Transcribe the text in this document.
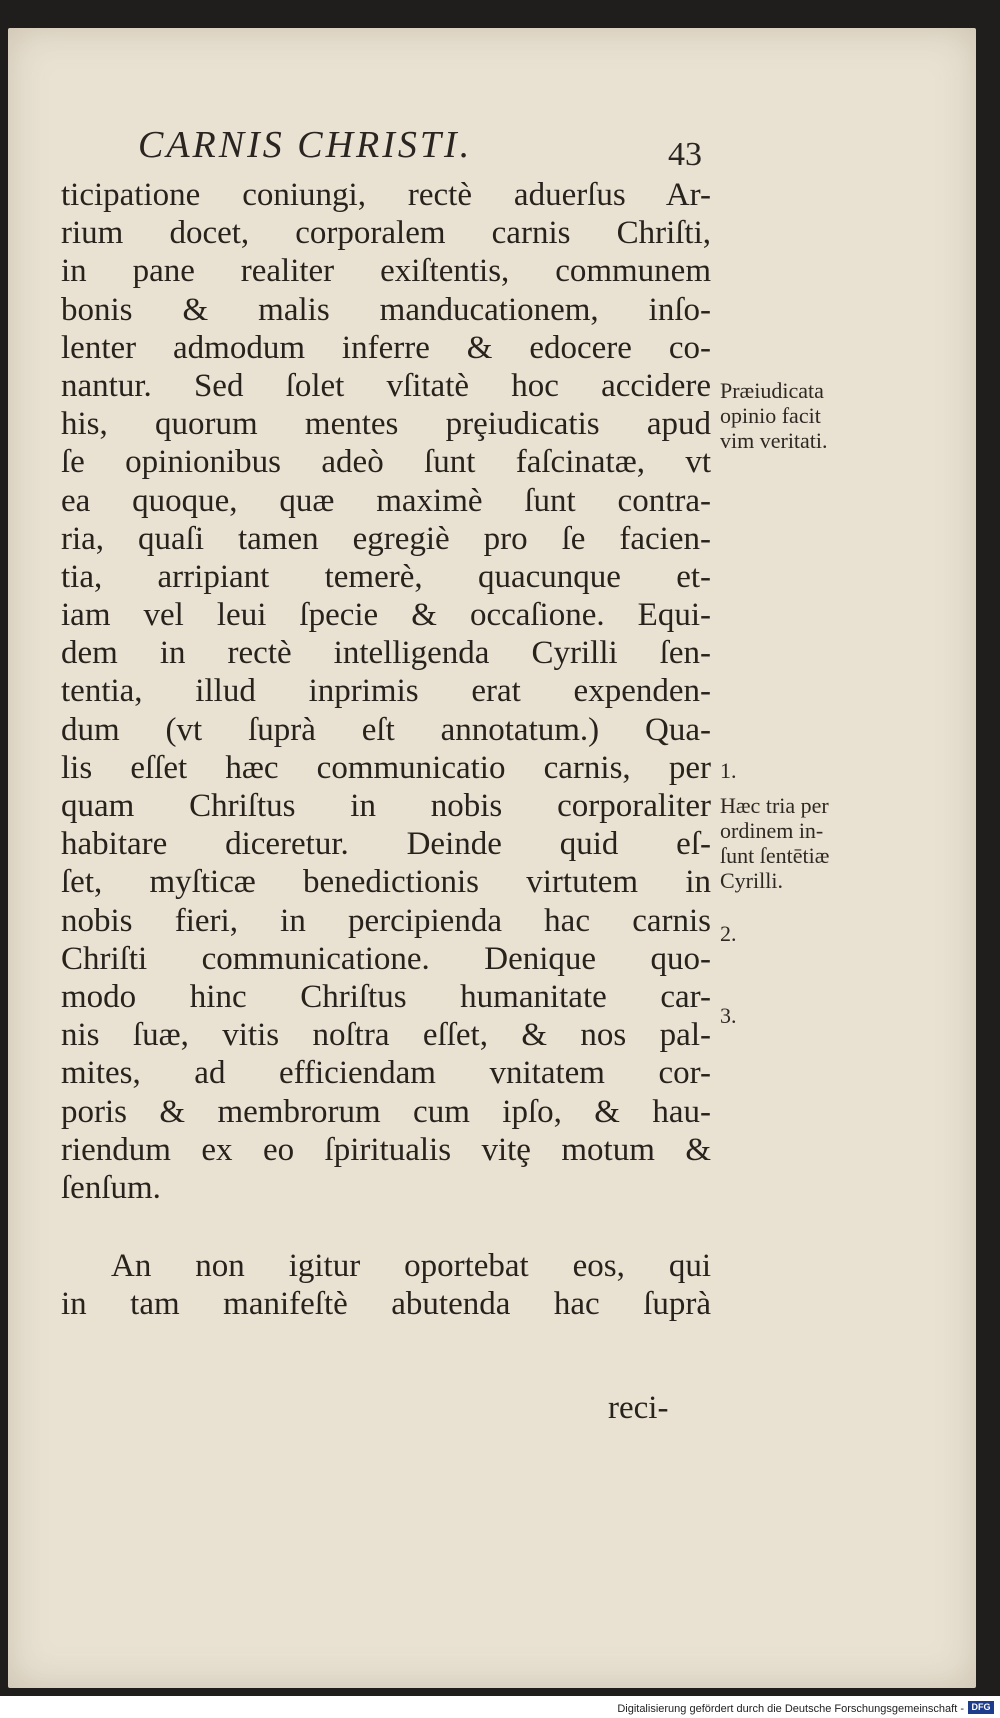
CARNIS CHRISTI.	43
ticipatione coniungi, rectè aduerſus Ar-
rium docet, corporalem carnis Chriſti,
in pane realiter exiſtentis, communem
bonis & malis manducationem, inſo-
lenter admodum inferre & edocere co-
nantur. Sed ſolet vſitatè hoc accidere
his, quorum mentes prȩiudicatis apud
ſe opinionibus adeò ſunt faſcinatæ, vt
ea quoque, quæ maximè ſunt contra-
ria, quaſi tamen egregiè pro ſe facien-
tia, arripiant temerè, quacunque et-
iam vel leui ſpecie & occaſione. Equi-
dem in rectè intelligenda Cyrilli ſen-
tentia, illud inprimis erat expenden-
dum (vt ſuprà eſt annotatum.) Qua-
lis eſſet hæc communicatio carnis, per
quam Chriſtus in nobis corporaliter
habitare diceretur. Deinde quid eſ-
ſet, myſticæ benedictionis virtutem in
nobis fieri, in percipienda hac carnis
Chriſti communicatione. Denique quo-
modo hinc Chriſtus humanitate car-
nis ſuæ, vitis noſtra eſſet, & nos pal-
mites, ad efficiendam vnitatem cor-
poris & membrorum cum ipſo, & hau-
riendum ex eo ſpiritualis vitȩ motum &
ſenſum.
An non igitur oportebat eos, qui
in tam manifeſtè abutenda hac ſuprà
reci-
Præiudicata
opinio facit
vim veritati.
1.
Hæc tria per
ordinem in-
ſunt ſentētiæ
Cyrilli.
2.
3.
Digitalisierung gefördert durch die Deutsche Forschungsgemeinschaft - DFG
